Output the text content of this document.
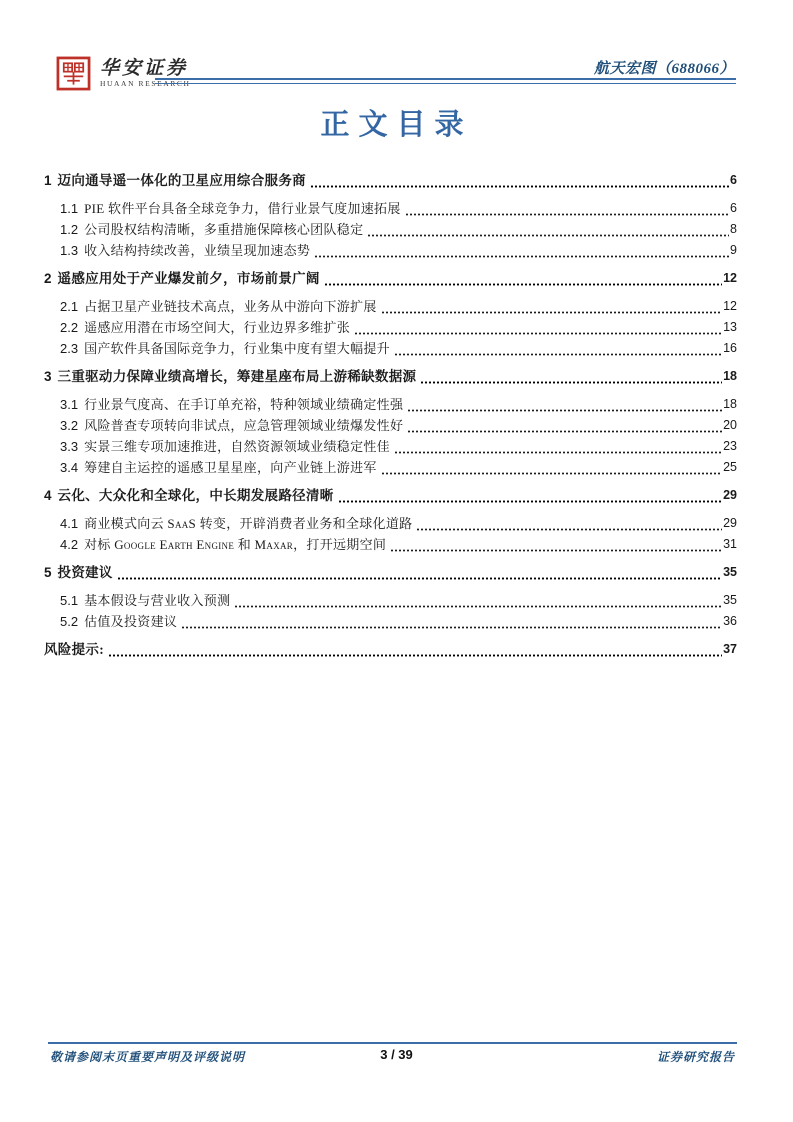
华安证券
HUAAN RESEARCH
航天宏图（688066）
正文目录
1 迈向通导遥一体化的卫星应用综合服务商	6
1.1 PIE 软件平台具备全球竞争力，借行业景气度加速拓展	6
1.2 公司股权结构清晰，多重措施保障核心团队稳定	8
1.3 收入结构持续改善，业绩呈现加速态势	9
2 遥感应用处于产业爆发前夕，市场前景广阔	12
2.1 占据卫星产业链技术高点，业务从中游向下游扩展	12
2.2 遥感应用潜在市场空间大，行业边界多维扩张	13
2.3 国产软件具备国际竞争力，行业集中度有望大幅提升	16
3 三重驱动力保障业绩高增长，筹建星座布局上游稀缺数据源	18
3.1 行业景气度高、在手订单充裕，特种领域业绩确定性强	18
3.2 风险普查专项转向非试点，应急管理领域业绩爆发性好	20
3.3 实景三维专项加速推进，自然资源领域业绩稳定性佳	23
3.4 筹建自主运控的遥感卫星星座，向产业链上游进军	25
4 云化、大众化和全球化，中长期发展路径清晰	29
4.1 商业模式向云 SaaS 转变，开辟消费者业务和全球化道路	29
4.2 对标 Google Earth Engine 和 Maxar，打开远期空间	31
5 投资建议	35
5.1 基本假设与营业收入预测	35
5.2 估值及投资建议	36
风险提示:	37
敬请参阅末页重要声明及评级说明	3 / 39	证券研究报告
